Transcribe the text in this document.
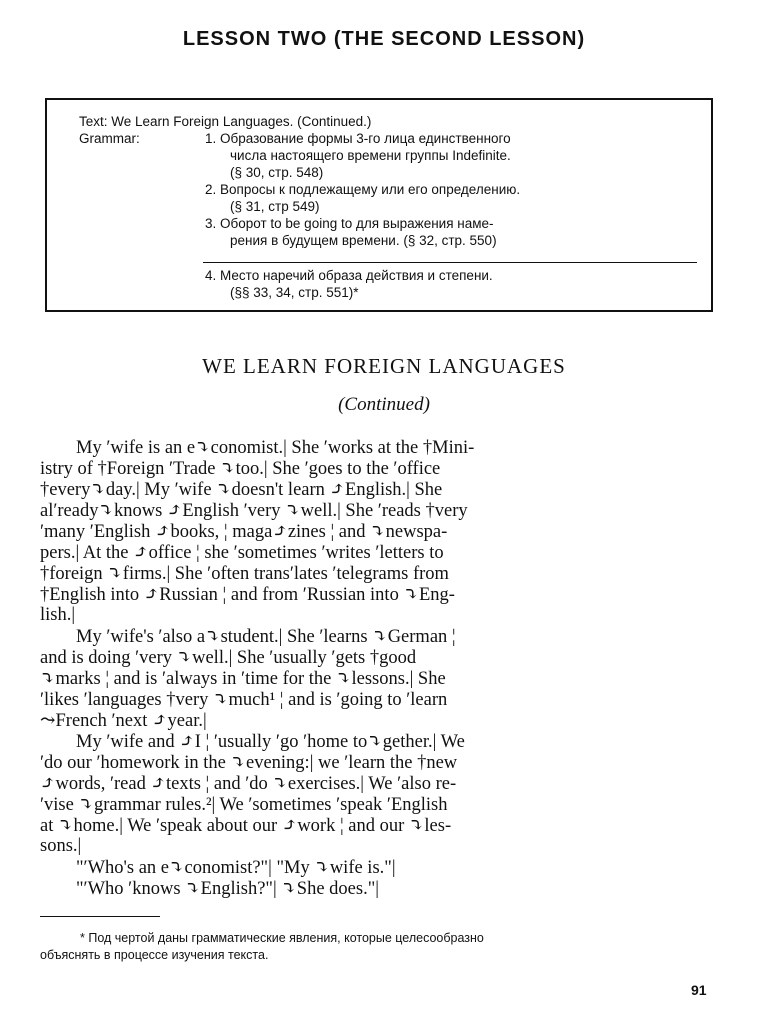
LESSON TWO (THE SECOND LESSON)
Text: We Learn Foreign Languages. (Continued.)
Grammar:	1. Образование формы 3-го лица единственного
числа настоящего времени группы Indefinite.
(§ 30, стр. 548)
2. Вопросы к подлежащему или его определению.
(§ 31, стр 549)
3. Оборот to be going to для выражения наме-
рения в будущем времени. (§ 32, стр. 550)
4. Место наречий образа действия и степени.
(§§ 33, 34, стр. 551)*
WE LEARN FOREIGN LANGUAGES
(Continued)
My ′wife is an e⤵conomist.| She ′works at the †Mini-
istry of †Foreign ′Trade ⤵too.| She ′goes to the ′office
†every⤵day.| My ′wife ⤵doesn't learn ⤴English.| She
al′ready⤵knows ⤴English ′very ⤵well.| She ′reads †very
′many ′English ⤴books, ¦ maga⤴zines ¦ and ⤵newspa-
pers.| At the ⤴office ¦ she ′sometimes ′writes ′letters to
†foreign ⤵firms.| She ′often trans′lates ′telegrams from
†English into ⤴Russian ¦ and from ′Russian into ⤵Eng-
lish.|
My ′wife's ′also a⤵student.| She ′learns ⤵German ¦
and is doing ′very ⤵well.| She ′usually ′gets †good
⤵marks ¦ and is ′always in ′time for the ⤵lessons.| She
′likes ′languages †very ⤵much¹ ¦ and is ′going to ′learn
⤳French ′next ⤴year.|
My ′wife and ⤴I ¦ ′usually ′go ′home to⤵gether.| We
′do our ′homework in the ⤵evening:| we ′learn the †new
⤴words, ′read ⤴texts ¦ and ′do ⤵exercises.| We ′also re-
′vise ⤵grammar rules.²| We ′sometimes ′speak ′English
at ⤵home.| We ′speak about our ⤴work ¦ and our ⤵les-
sons.|
"′Who's an e⤵conomist?"| "My ⤵wife is."|
"′Who ′knows ⤵English?"| ⤵She does."|
* Под чертой даны грамматические явления, которые целесообразно
объяснять в процессе изучения текста.
91
